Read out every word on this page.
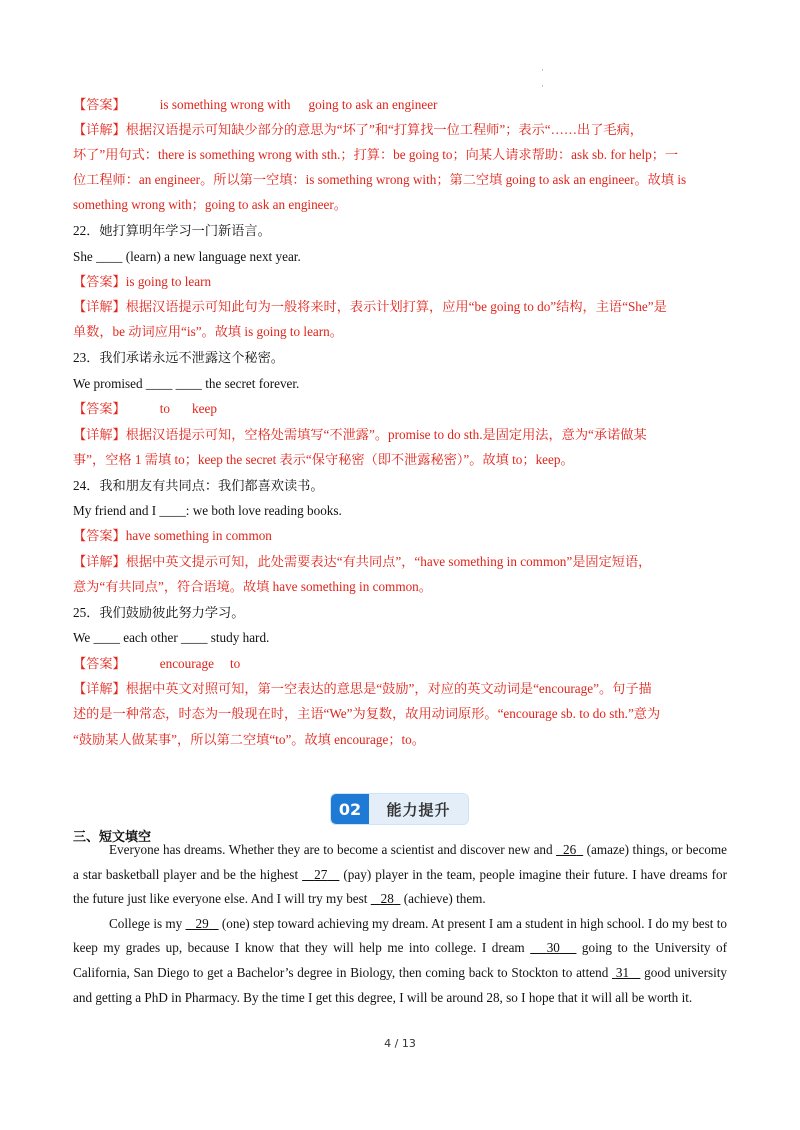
·
·
【答案】	is something wrong with going to ask an engineer
【详解】根据汉语提示可知缺少部分的意思为“坏了”和“打算找一位工程师”；表示“……出了毛病，
坏了”用句式：there is something wrong with sth.；打算：be going to；向某人请求帮助：ask sb. for help；一
位工程师：an engineer。所以第一空填：is something wrong with；第二空填 going to ask an engineer。故填 is
something wrong with；going to ask an engineer。
22．她打算明年学习一门新语言。
She ____ (learn) a new language next year.
【答案】is going to learn
【详解】根据汉语提示可知此句为一般将来时，表示计划打算，应用“be going to do”结构，主语“She”是
单数，be 动词应用“is”。故填 is going to learn。
23．我们承诺永远不泄露这个秘密。
We promised ____ ____ the secret forever.
【答案】	to keep
【详解】根据汉语提示可知，空格处需填写“不泄露”。promise to do sth.是固定用法，意为“承诺做某
事”，空格 1 需填 to；keep the secret 表示“保守秘密（即不泄露秘密）”。故填 to；keep。
24．我和朋友有共同点：我们都喜欢读书。
My friend and I ____: we both love reading books.
【答案】have something in common
【详解】根据中英文提示可知，此处需要表达“有共同点”，“have something in common”是固定短语，
意为“有共同点”，符合语境。故填 have something in common。
25．我们鼓励彼此努力学习。
We ____ each other ____ study hard.
【答案】	encourage to
【详解】根据中英文对照可知，第一空表达的意思是“鼓励”，对应的英文动词是“encourage”。句子描
述的是一种常态，时态为一般现在时，主语“We”为复数，故用动词原形。“encourage sb. to do sth.”意为
“鼓励某人做某事”，所以第二空填“to”。故填 encourage；to。
02	能力提升
三、短文填空

Everyone has dreams. Whether they are to become a scientist and discover new and   26   (amaze) things, or become a star basketball player and be the highest    27    (pay) player in the team, people imagine their future. I have dreams for the future just like everyone else. And I will try my best    28   (achieve) them.

College is my    29    (one) step toward achieving my dream. At present I am a student in high school. I do my best to keep my grades up, because I know that they will help me into college. I dream    30    going to the University of California, San Diego to get a Bachelor’s degree in Biology, then coming back to Stockton to attend  31    good university and getting a PhD in Pharmacy. By the time I get this degree, I will be around 28, so I hope that it will all be worth it.

4 / 13
